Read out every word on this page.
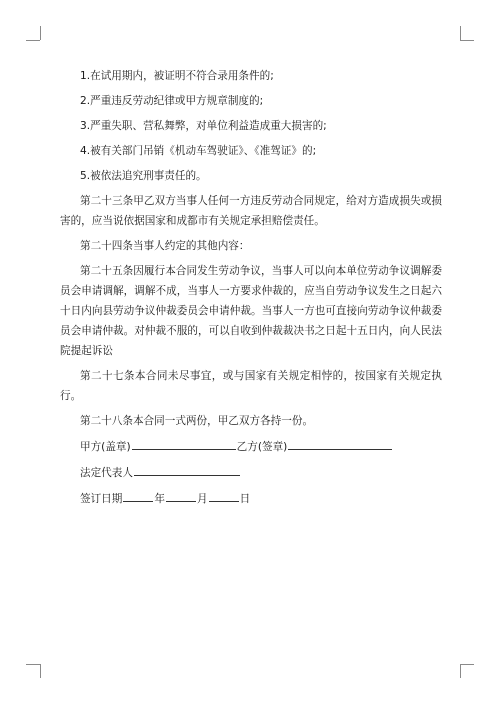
1.在试用期内，被证明不符合录用条件的;

2.严重违反劳动纪律或甲方规章制度的;

3.严重失职、营私舞弊，对单位利益造成重大损害的;

4.被有关部门吊销《机动车驾驶证》、《准驾证》的;

5.被依法追究刑事责任的。

第二十三条甲乙双方当事人任何一方违反劳动合同规定，给对方造成损失或损害的，应当说依据国家和成都市有关规定承担赔偿责任。

第二十四条当事人约定的其他内容：

第二十五条因履行本合同发生劳动争议，当事人可以向本单位劳动争议调解委员会申请调解，调解不成，当事人一方要求仲裁的，应当自劳动争议发生之日起六十日内向县劳动争议仲裁委员会申请仲裁。当事人一方也可直接向劳动争议仲裁委员会申请仲裁。对仲裁不服的，可以自收到仲裁裁决书之日起十五日内，向人民法院提起诉讼

第二十七条本合同未尽事宜，或与国家有关规定相悖的，按国家有关规定执行。

第二十八条本合同一式两份，甲乙双方各持一份。

甲方(盖章)	乙方(签章)
法定代表人
签订日期	年	月	日
